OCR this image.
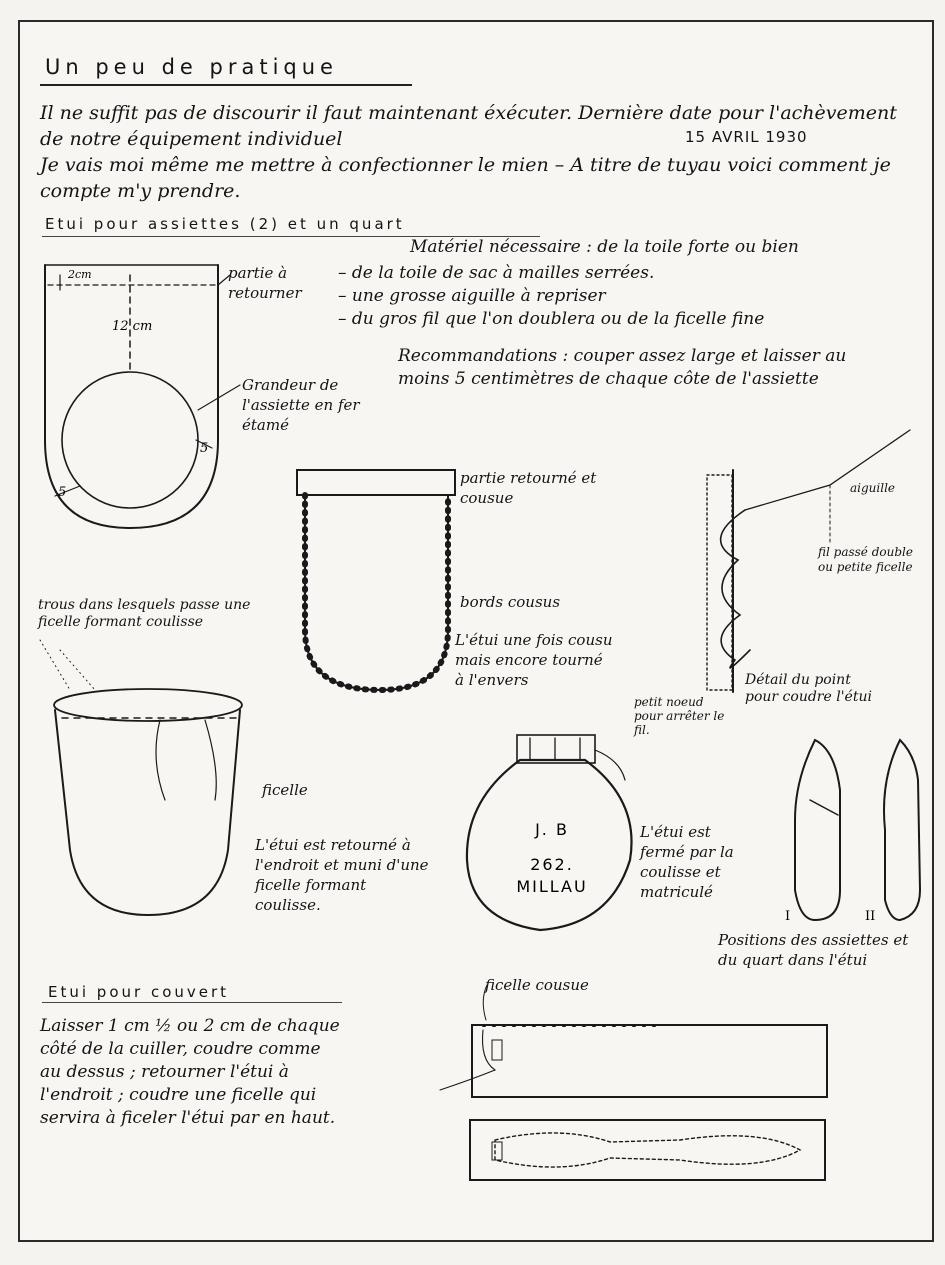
Un peu de pratique

Il ne suffit pas de discourir il faut maintenant éxécuter. Dernière date pour l'achèvement de notre équipement individuel

Je vais moi même me mettre à confectionner le mien – A titre de tuyau voici comment je compte m'y prendre.

15 AVRIL 1930
Etui pour assiettes (2) et un quart
Matériel nécessaire : de la toile forte ou bien
– de la toile de sac à mailles serrées.
– une grosse aiguille à repriser
– du gros fil que l'on doublera ou de la ficelle fine
Recommandations : couper assez large et laisser au moins 5 centimètres de chaque côte de l'assiette
partie à retourner
Grandeur de l'assiette en fer étamé
partie retourné et cousue
bords cousus
L'étui une fois cousu mais encore tourné à l'envers
aiguille
fil passé double ou petite ficelle
petit noeud pour arrêter le fil.
Détail du point pour coudre l'étui
trous dans lesquels passe une ficelle formant coulisse
ficelle
L'étui est retourné à l'endroit et muni d'une ficelle formant coulisse.
L'étui est fermé par la coulisse et matriculé
Positions des assiettes et du quart dans l'étui
Etui pour couvert
Laisser 1 cm ½ ou 2 cm de chaque côté de la cuiller, coudre comme au dessus ; retourner l'étui à l'endroit ; coudre une ficelle qui servira à ficeler l'étui par en haut.
ficelle cousue
2cm
12 cm
5
5
J. B
262.
MILLAU
I	II
